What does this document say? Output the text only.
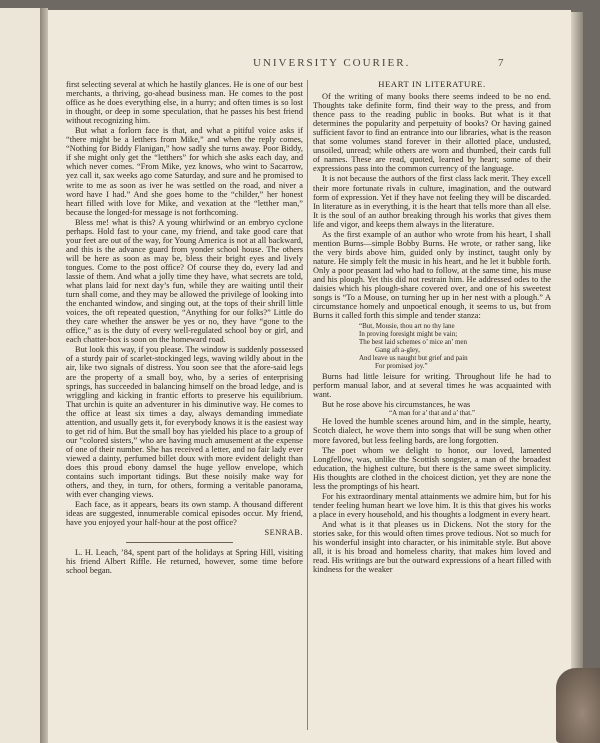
UNIVERSITY COURIER.	7

first selecting several at which he hastily glances. He is one of our best merchants, a thriving, go-ahead business man. He comes to the post office as he does everything else, in a hurry; and often times is so lost in thought, or deep in some speculation, that he passes his best friend without recognizing him.

But what a forlorn face is that, and what a pitiful voice asks if “there might be a letthers from Mike,” and when the reply comes, “Nothing for Biddy Flanigan,” how sadly she turns away. Poor Biddy, if she might only get the “letthers” for which she asks each day, and which never comes. “From Mike, yez knows, who wint to Sacarrow, yez call it, sax weeks ago come Saturday, and sure and he promised to write to me as soon as iver he was settled on the road, and niver a word have I had.” And she goes home to the “childer,” her honest heart filled with love for Mike, and vexation at the “letther man,” because the longed-for message is not forthcoming.

Bless me! what is this? A young whirlwind or an embryo cyclone perhaps. Hold fast to your cane, my friend, and take good care that your feet are out of the way, for Young America is not at all backward, and this is the advance guard from yonder school house. The others will be here as soon as may be, bless their bright eyes and lively tongues. Come to the post office? Of course they do, every lad and lassie of them. And what a jolly time they have, what secrets are told, what plans laid for next day’s fun, while they are waiting until their turn shall come, and they may be allowed the privilege of looking into the enchanted window, and singing out, at the tops of their shrill little voices, the oft repeated question, “Anything for our folks?” Little do they care whether the answer be yes or no, they have “gone to the office,” as is the duty of every well-regulated school boy or girl, and each chatter-box is soon on the homeward road.

But look this way, if you please. The window is suddenly possessed of a sturdy pair of scarlet-stockinged legs, waving wildly about in the air, like two signals of distress. You soon see that the afore-said legs are the property of a small boy, who, by a series of enterprising springs, has succeeded in balancing himself on the broad ledge, and is wriggling and kicking in frantic efforts to preserve his equilibrium. That urchin is quite an adventurer in his diminutive way. He comes to the office at least six times a day, always demanding immediate attention, and usually gets it, for everybody knows it is the easiest way to get rid of him. But the small boy has yielded his place to a group of our “colored sisters,” who are having much amusement at the expense of one of their number. She has received a letter, and no fair lady ever viewed a dainty, perfumed billet doux with more evident delight than does this proud ebony damsel the huge yellow envelope, which contains such important tidings. But these noisily make way for others, and they, in turn, for others, forming a veritable panorama, with ever changing views.

Each face, as it appears, bears its own stamp. A thousand different ideas are suggested, innumerable comical episodes occur. My friend, have you enjoyed your half-hour at the post office?

SENRAB.

L. H. Leach, ’84, spent part of the holidays at Spring Hill, visiting his friend Albert Riffle. He returned, however, some time before school began.

HEART IN LITERATURE.

Of the writing of many books there seems indeed to be no end. Thoughts take definite form, find their way to the press, and from thence pass to the reading public in books. But what is it that determines the popularity and perpetuity of books? Or having gained sufficient favor to find an entrance into our libraries, what is the reason that some volumes stand forever in their allotted place, undusted, unsoiled, unread; while others are worn and thumbed, their cards full of names. These are read, quoted, learned by heart; some of their expressions pass into the common currency of the language.

It is not because the authors of the first class lack merit. They excell their more fortunate rivals in culture, imagination, and the outward form of expression. Yet if they have not feeling they will be discarded. In literature as in everything, it is the heart that tells more than all else. It is the soul of an author breaking through his works that gives them life and vigor, and keeps them always in the literature.

As the first example of an author who wrote from his heart, I shall mention Burns—simple Bobby Burns. He wrote, or rather sang, like the very birds above him, guided only by instinct, taught only by nature. He simply felt the music in his heart, and he let it bubble forth. Only a poor peasant lad who had to follow, at the same time, his muse and his plough. Yet this did not restrain him. He addressed odes to the daisies which his plough-share covered over, and one of his sweetest songs is “To a Mouse, on turning her up in her nest with a plough.” A circumstance homely and unpoetical enough, it seems to us, but from Burns it called forth this simple and tender stanza:

“But, Mousie, thou art no thy lane
In proving foresight might be vain;
The best laid schemes o’ mice an’ men
Gang aft a-gley,
And leave us naught but grief and pain
For promised joy.”

Burns had little leisure for writing. Throughout life he had to perform manual labor, and at several times he was acquainted with want.

But he rose above his circumstances, he was

“A man for a’ that and a’ that.”

He loved the humble scenes around him, and in the simple, hearty, Scotch dialect, he wove them into songs that will be sung when other more favored, but less feeling bards, are long forgotten.

The poet whom we delight to honor, our loved, lamented Longfellow, was, unlike the Scottish songster, a man of the broadest education, the highest culture, but there is the same sweet simplicity. His thoughts are clothed in the choicest diction, yet they are none the less the promptings of his heart.

For his extraordinary mental attainments we admire him, but for his tender feeling human heart we love him. It is this that gives his works a place in every household, and his thoughts a lodgment in every heart.

And what is it that pleases us in Dickens. Not the story for the stories sake, for this would often times prove tedious. Not so much for his wonderful insight into character, or his inimitable style. But above all, it is his broad and homeless charity, that makes him loved and read. His writings are but the outward expressions of a heart filled with kindness for the weaker
